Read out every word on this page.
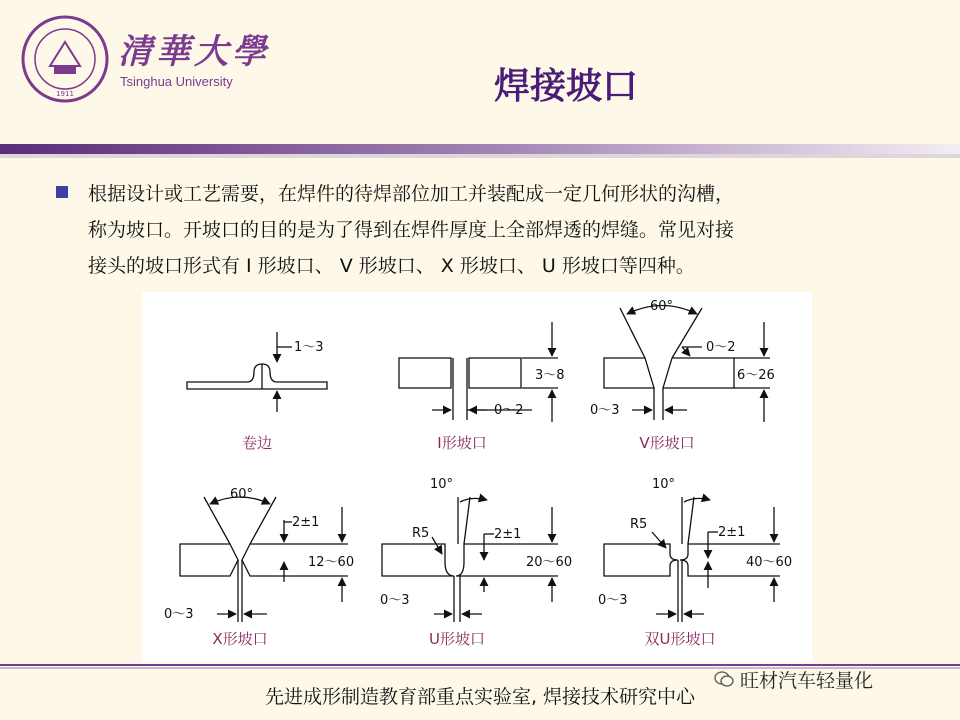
1911
清華大學
Tsinghua University	焊接坡口
根据设计或工艺需要，在焊件的待焊部位加工并装配成一定几何形状的沟槽，
称为坡口。开坡口的目的是为了得到在焊件厚度上全部焊透的焊缝。常见对接
接头的坡口形式有 I 形坡口、 V 形坡口、 X 形坡口、 U 形坡口等四种。
1～3
3～8
0～2
60°
0～2
6～26
0～3
60°
2±1
12～60
0～3
10°
R5	2±1
20～60
0～3
10°
R5
2±1
40～60
0～3
卷边	I形坡口	V形坡口
X形坡口	U形坡口	双U形坡口
先进成形制造教育部重点实验室, 焊接技术研究中心
旺材汽车轻量化
